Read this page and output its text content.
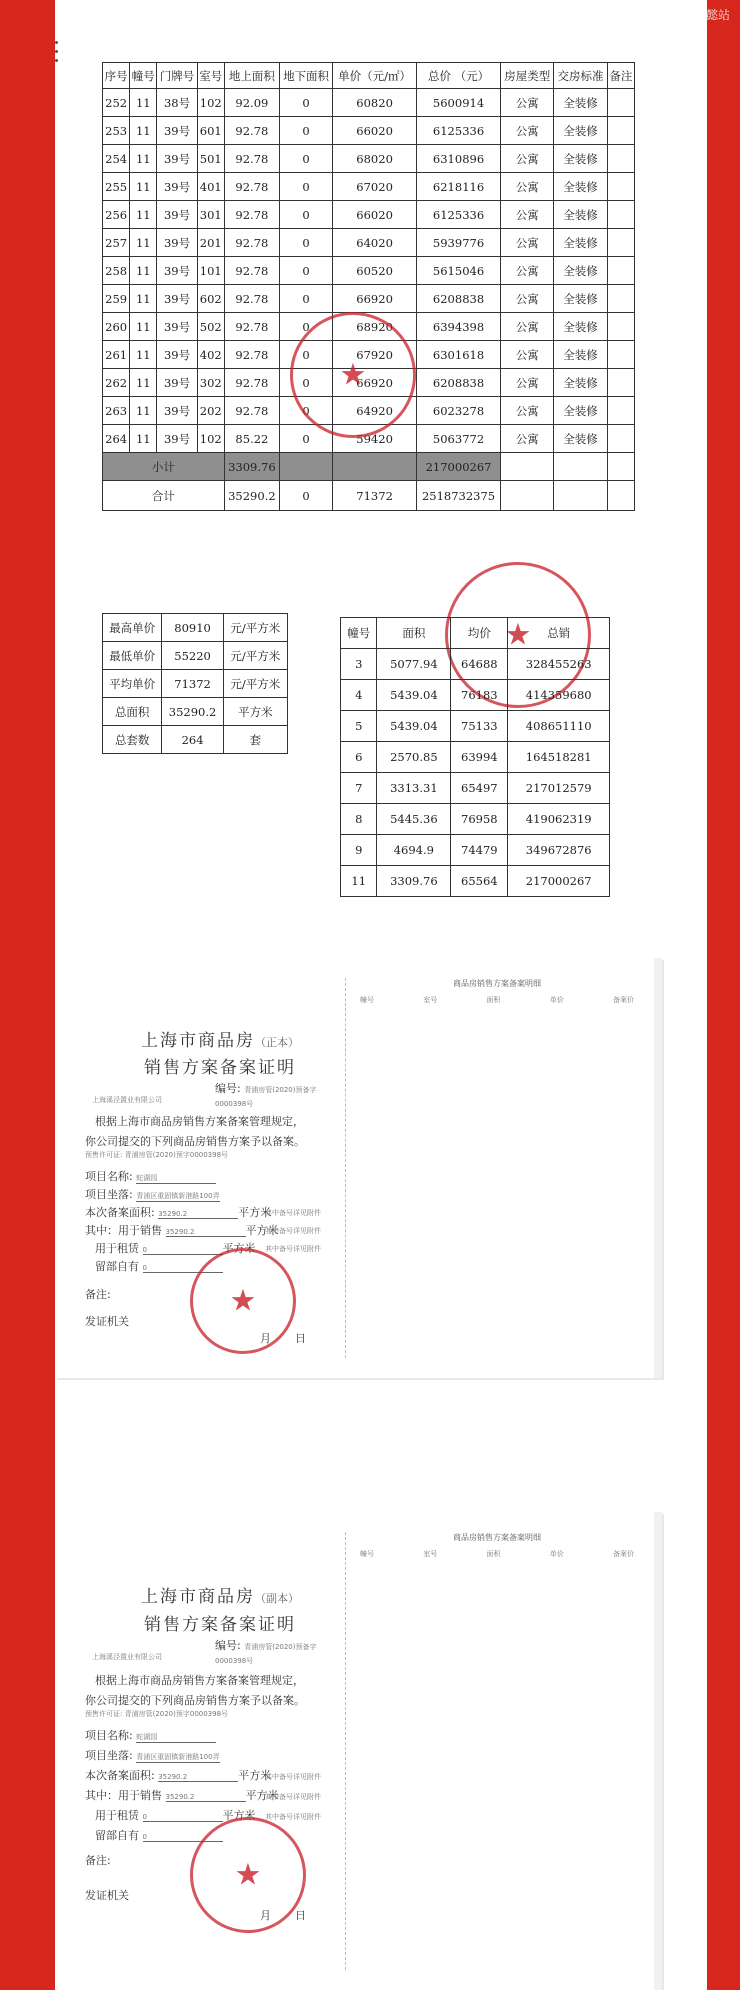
搜狐号@搜狐焦点亭懿站
序号	幢号	门牌号	室号	地上面积	地下面积	单价（元/㎡）	总价 （元）	房屋类型	交房标准	备注
252	11	38号	102	92.09	0	60820	5600914	公寓	全装修	
253	11	39号	601	92.78	0	66020	6125336	公寓	全装修	
254	11	39号	501	92.78	0	68020	6310896	公寓	全装修	
255	11	39号	401	92.78	0	67020	6218116	公寓	全装修	
256	11	39号	301	92.78	0	66020	6125336	公寓	全装修	
257	11	39号	201	92.78	0	64020	5939776	公寓	全装修	
258	11	39号	101	92.78	0	60520	5615046	公寓	全装修	
259	11	39号	602	92.78	0	66920	6208838	公寓	全装修	
260	11	39号	502	92.78	0	68920	6394398	公寓	全装修	
261	11	39号	402	92.78	0	67920	6301618	公寓	全装修	
262	11	39号	302	92.78	0	66920	6208838	公寓	全装修	
263	11	39号	202	92.78	0	64920	6023278	公寓	全装修	
264	11	39号	102	85.22	0	59420	5063772	公寓	全装修	
小计				3309.76			217000267			
合计				35290.2	0	71372	2518732375			
★
★
最高单价	80910	元/平方米
最低单价	55220	元/平方米
平均单价	71372	元/平方米
总面积	35290.2	平方米
总套数	264	套
幢号	面积	均价	总销
3	5077.94	64688	328455263
4	5439.04	76183	414359680
5	5439.04	75133	408651110
6	2570.85	63994	164518281
7	3313.31	65497	217012579
8	5445.36	76958	419062319
9	4694.9	74479	349672876
11	3309.76	65564	217000267
上海市商品房（正本）
销售方案备案证明
编号: 青浦房管(2020)预备字0000398号
上海溪泾置业有限公司
根据上海市商品房销售方案备案管理规定，
你公司提交的下列商品房销售方案予以备案。
预售许可证: 青浦房管(2020)预字0000398号
项目名称: 蛇湖园
项目坐落: 青浦区重固镇新港路100弄
本次备案面积: 35290.2	平方米
其中：用于销售 35290.2	平方米
用于租赁 0	平方米
留部自有 0
备注:
发证机关
其中备号详见附件
其中备号详见附件
其中备号详见附件
月 日
★
商品房销售方案备案明细
幢号	室号	面积	单价	备案价
上海市商品房（副本）
销售方案备案证明
编号: 青浦房管(2020)预备字0000398号
上海溪泾置业有限公司
根据上海市商品房销售方案备案管理规定，
你公司提交的下列商品房销售方案予以备案。
预售许可证: 青浦房管(2020)预字0000398号
项目名称: 蛇湖园
项目坐落: 青浦区重固镇新港路100弄
本次备案面积: 35290.2	平方米
其中：用于销售 35290.2	平方米
用于租赁 0	平方米
留部自有 0
备注:
发证机关
其中备号详见附件
其中备号详见附件
其中备号详见附件
月 日
★
商品房销售方案备案明细
幢号	室号	面积	单价	备案价
